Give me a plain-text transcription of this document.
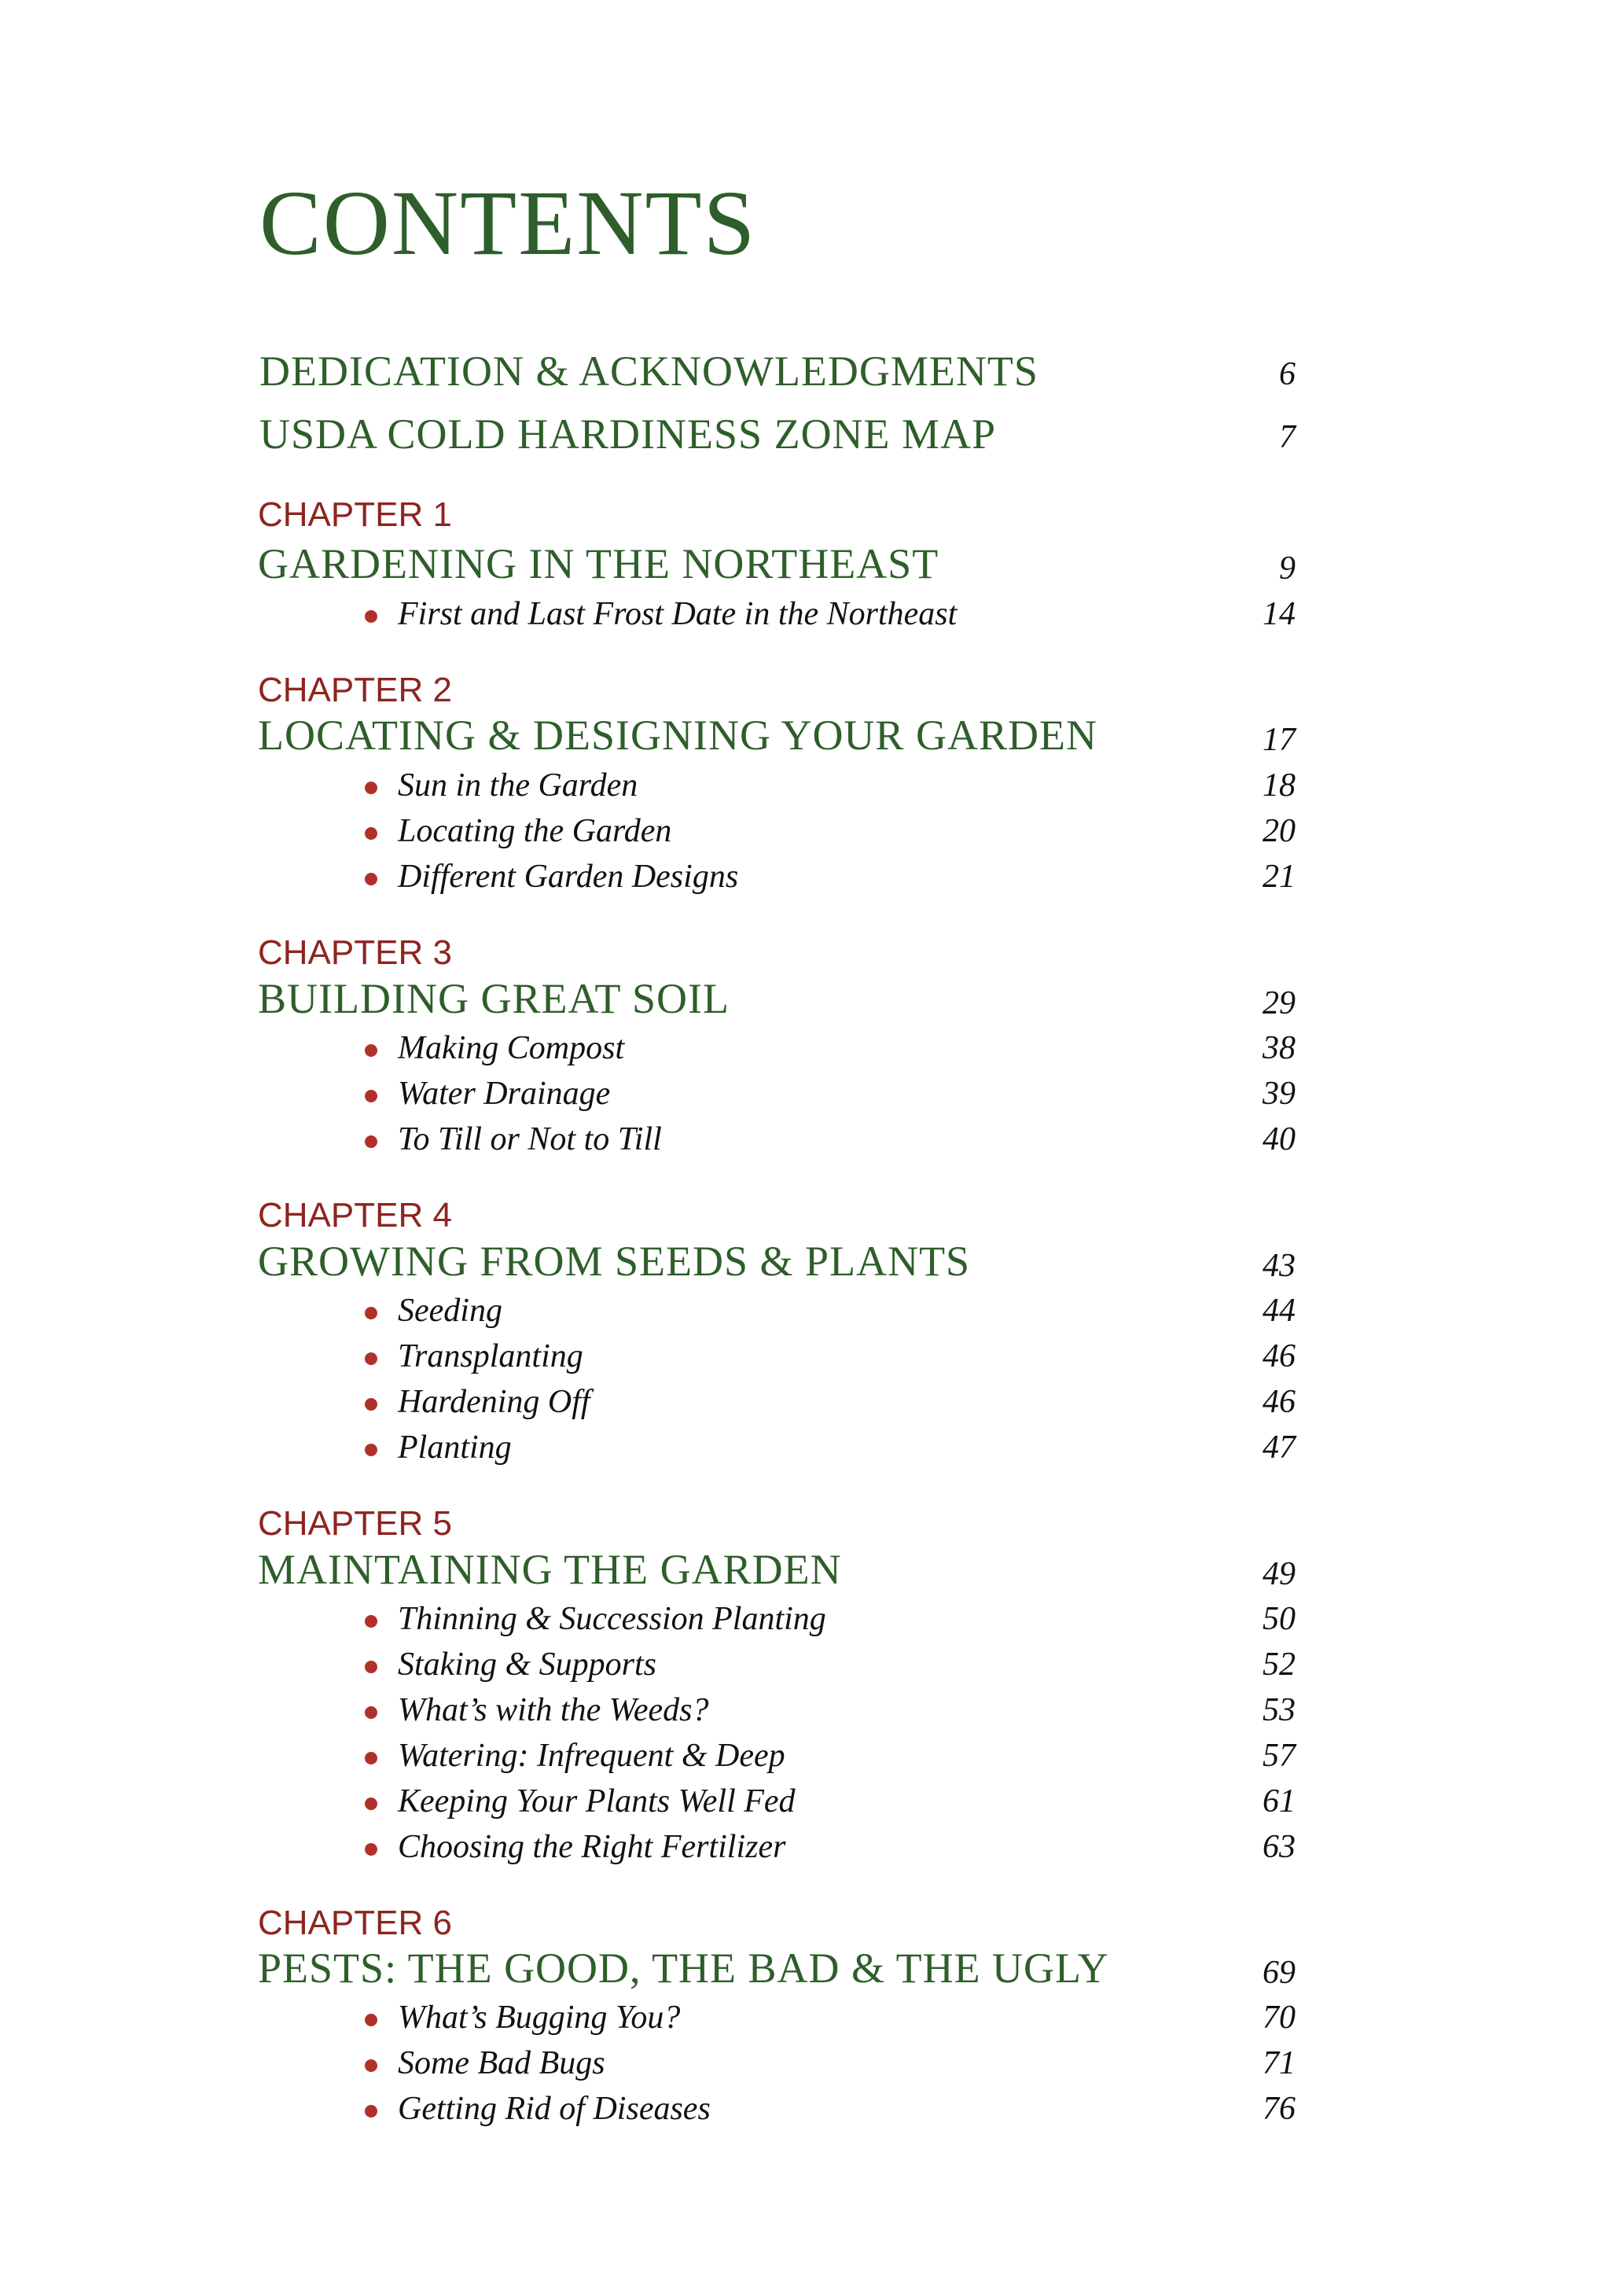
CONTENTS
DEDICATION & ACKNOWLEDGMENTS	6
USDA COLD HARDINESS ZONE MAP	7
CHAPTER 1
GARDENING IN THE NORTHEAST	9
First and Last Frost Date in the Northeast	14
CHAPTER 2
LOCATING & DESIGNING YOUR GARDEN	17
Sun in the Garden	18
Locating the Garden	20
Different Garden Designs	21
CHAPTER 3
BUILDING GREAT SOIL	29
Making Compost	38
Water Drainage	39
To Till or Not to Till	40
CHAPTER 4
GROWING FROM SEEDS & PLANTS	43
Seeding	44
Transplanting	46
Hardening Off	46
Planting	47
CHAPTER 5
MAINTAINING THE GARDEN	49
Thinning & Succession Planting	50
Staking & Supports	52
What’s with the Weeds?	53
Watering: Infrequent & Deep	57
Keeping Your Plants Well Fed	61
Choosing the Right Fertilizer	63
CHAPTER 6
PESTS: THE GOOD, THE BAD & THE UGLY	69
What’s Bugging You?	70
Some Bad Bugs	71
Getting Rid of Diseases	76
